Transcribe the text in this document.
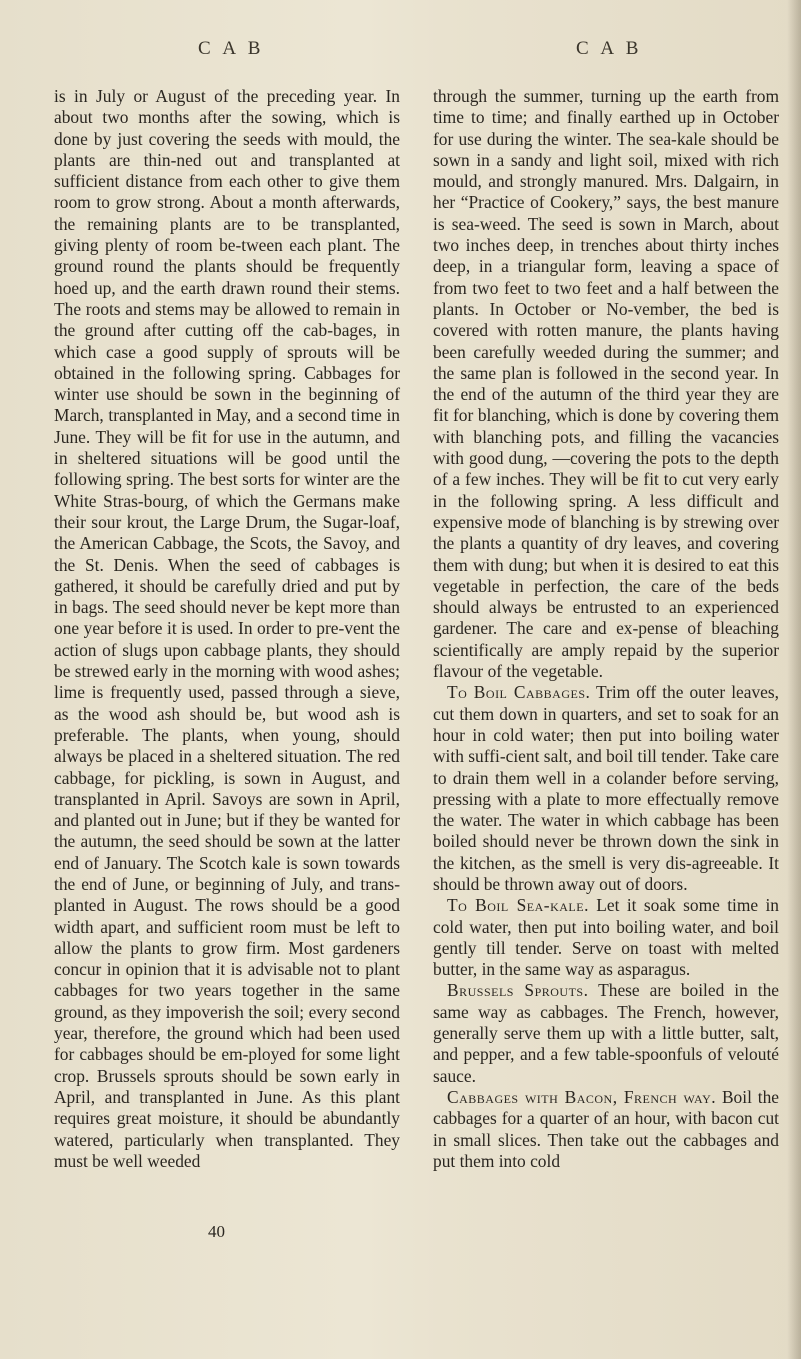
C A B	C A B

is in July or August of the preceding year. In about two months after the sowing, which is done by just covering the seeds with mould, the plants are thin-ned out and transplanted at sufficient distance from each other to give them room to grow strong. About a month afterwards, the remaining plants are to be transplanted, giving plenty of room be-tween each plant. The ground round the plants should be frequently hoed up, and the earth drawn round their stems. The roots and stems may be allowed to remain in the ground after cutting off the cab-bages, in which case a good supply of sprouts will be obtained in the following spring. Cabbages for winter use should be sown in the beginning of March, transplanted in May, and a second time in June. They will be fit for use in the autumn, and in sheltered situations will be good until the following spring. The best sorts for winter are the White Stras-bourg, of which the Germans make their sour krout, the Large Drum, the Sugar-loaf, the American Cabbage, the Scots, the Savoy, and the St. Denis. When the seed of cabbages is gathered, it should be carefully dried and put by in bags. The seed should never be kept more than one year before it is used. In order to pre-vent the action of slugs upon cabbage plants, they should be strewed early in the morning with wood ashes; lime is frequently used, passed through a sieve, as the wood ash should be, but wood ash is preferable. The plants, when young, should always be placed in a sheltered situation. The red cabbage, for pickling, is sown in August, and transplanted in April. Savoys are sown in April, and planted out in June; but if they be wanted for the autumn, the seed should be sown at the latter end of January. The Scotch kale is sown towards the end of June, or beginning of July, and trans-planted in August. The rows should be a good width apart, and sufficient room must be left to allow the plants to grow firm. Most gardeners concur in opinion that it is advisable not to plant cabbages for two years together in the same ground, as they impoverish the soil; every second year, therefore, the ground which had been used for cabbages should be em-ployed for some light crop. Brussels sprouts should be sown early in April, and transplanted in June. As this plant requires great moisture, it should be abundantly watered, particularly when transplanted. They must be well weeded

through the summer, turning up the earth from time to time; and finally earthed up in October for use during the winter. The sea-kale should be sown in a sandy and light soil, mixed with rich mould, and strongly manured. Mrs. Dalgairn, in her “Practice of Cookery,” says, the best manure is sea-weed. The seed is sown in March, about two inches deep, in trenches about thirty inches deep, in a triangular form, leaving a space of from two feet to two feet and a half between the plants. In October or No-vember, the bed is covered with rotten manure, the plants having been carefully weeded during the summer; and the same plan is followed in the second year. In the end of the autumn of the third year they are fit for blanching, which is done by covering them with blanching pots, and filling the vacancies with good dung, —covering the pots to the depth of a few inches. They will be fit to cut very early in the following spring. A less difficult and expensive mode of blanching is by strewing over the plants a quantity of dry leaves, and covering them with dung; but when it is desired to eat this vegetable in perfection, the care of the beds should always be entrusted to an experienced gardener. The care and ex-pense of bleaching scientifically are amply repaid by the superior flavour of the vegetable.

To Boil Cabbages. Trim off the outer leaves, cut them down in quarters, and set to soak for an hour in cold water; then put into boiling water with suffi-cient salt, and boil till tender. Take care to drain them well in a colander before serving, pressing with a plate to more effectually remove the water. The water in which cabbage has been boiled should never be thrown down the sink in the kitchen, as the smell is very dis-agreeable. It should be thrown away out of doors.

To Boil Sea-kale. Let it soak some time in cold water, then put into boiling water, and boil gently till tender. Serve on toast with melted butter, in the same way as asparagus.

Brussels Sprouts. These are boiled in the same way as cabbages. The French, however, generally serve them up with a little butter, salt, and pepper, and a few table-spoonfuls of velouté sauce.

Cabbages with Bacon, French way. Boil the cabbages for a quarter of an hour, with bacon cut in small slices. Then take out the cabbages and put them into cold

40
